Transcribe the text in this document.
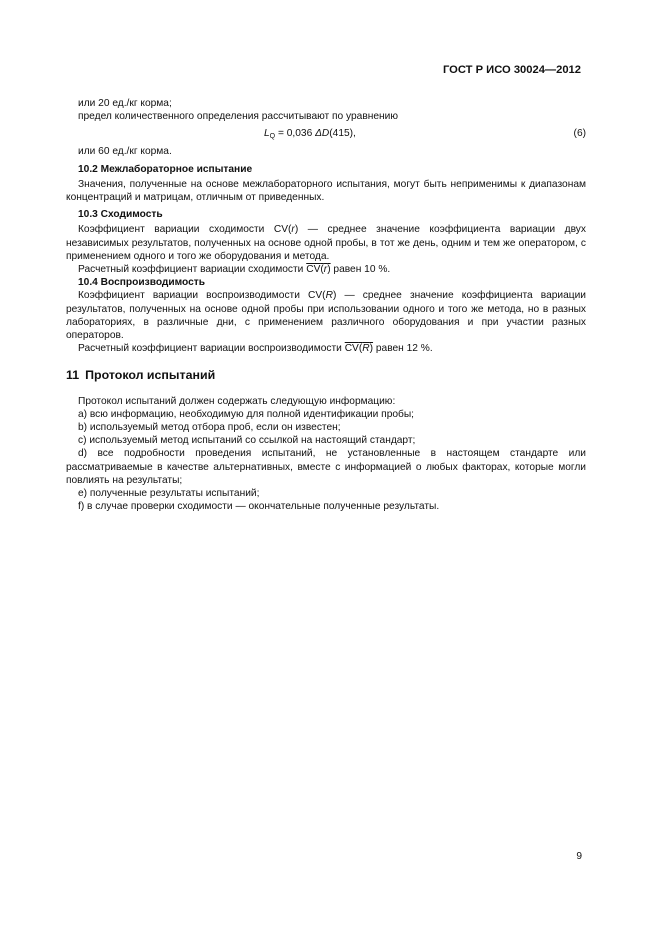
ГОСТ Р ИСО 30024—2012

или 20 ед./кг корма;

предел количественного определения рассчитывают по уравнению

LQ = 0,036 ΔD(415),	(6)

или 60 ед./кг корма.

10.2 Межлабораторное испытание

Значения, полученные на основе межлабораторного испытания, могут быть неприменимы к диапазонам концентраций и матрицам, отличным от приведенных.

10.3 Сходимость

Коэффициент вариации сходимости CV(r) — среднее значение коэффициента вариации двух независимых результатов, полученных на основе одной пробы, в тот же день, одним и тем же оператором, с применением одного и того же оборудования и метода.

Расчетный коэффициент вариации сходимости CV(r) равен 10 %.

10.4 Воспроизводимость

Коэффициент вариации воспроизводимости CV(R) — среднее значение коэффициента вариации результатов, полученных на основе одной пробы при использовании одного и того же метода, но в разных лабораториях, в различные дни, с применением различного оборудования и при участии разных операторов.

Расчетный коэффициент вариации воспроизводимости CV(R) равен 12 %.

11 Протокол испытаний

Протокол испытаний должен содержать следующую информацию:

a) всю информацию, необходимую для полной идентификации пробы;

b) используемый метод отбора проб, если он известен;

c) используемый метод испытаний со ссылкой на настоящий стандарт;

d) все подробности проведения испытаний, не установленные в настоящем стандарте или рассматриваемые в качестве альтернативных, вместе с информацией о любых факторах, которые могли повлиять на результаты;

e) полученные результаты испытаний;

f) в случае проверки сходимости — окончательные полученные результаты.

9
